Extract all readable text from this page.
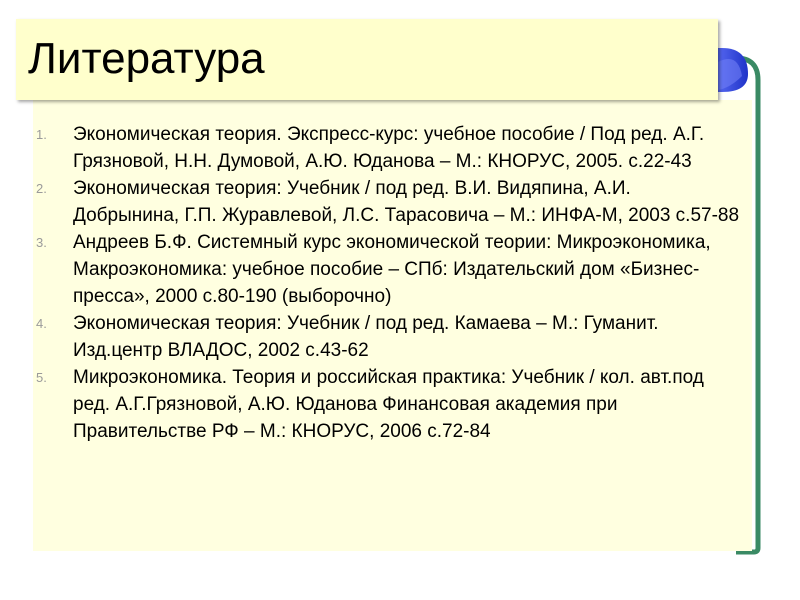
Литература
1. Экономическая теория. Экспресс-курс: учебное пособие / Под ред. А.Г. Грязновой, Н.Н. Думовой, А.Ю. Юданова – М.: КНОРУС, 2005. с.22-43
2. Экономическая теория: Учебник / под ред. В.И. Видяпина, А.И. Добрынина, Г.П. Журавлевой, Л.С. Тарасовича – М.: ИНФА-М, 2003 с.57-88
3. Андреев Б.Ф. Системный курс экономической теории: Микроэкономика, Макроэкономика: учебное пособие – СПб: Издательский дом «Бизнес-пресса», 2000 с.80-190 (выборочно)
4. Экономическая теория: Учебник / под ред. Камаева – М.: Гуманит. Изд.центр ВЛАДОС, 2002 с.43-62
5. Микроэкономика. Теория и российская практика: Учебник / кол. авт.под ред. А.Г.Грязновой, А.Ю. Юданова Финансовая академия при Правительстве РФ – М.: КНОРУС, 2006 с.72-84
